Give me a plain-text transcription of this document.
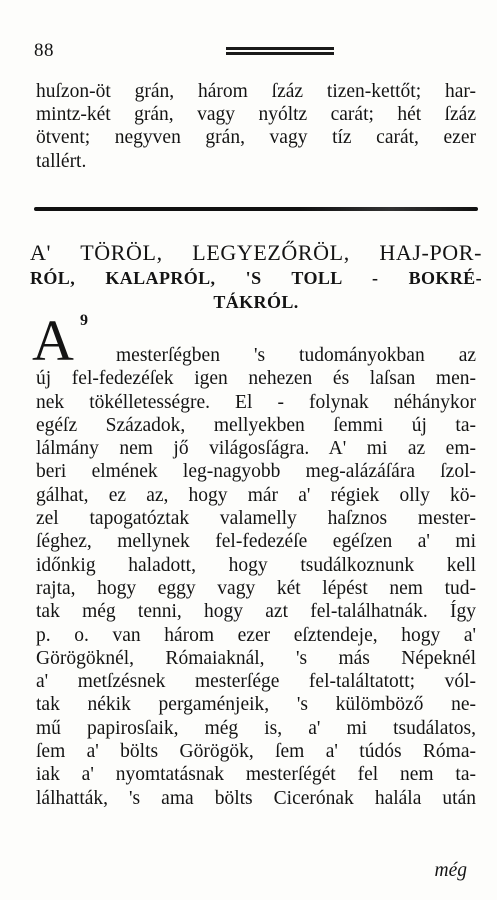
88
huſzon-öt grán, három ſzáz tizen-kettőt; har-
mintz-két grán, vagy nyóltz carát; hét ſzáz
ötvent; negyven grán, vagy tíz carát, ezer
tallért.
A' TÖRÖL, LEGYEZŐRÖL, HAJ-POR-
RÓL, KALAPRÓL, 'S TOLL - BOKRÉ-
TÁKRÓL.
A 9
mesterſégben 's tudományokban az
új fel-fedezéſek igen nehezen és laſsan men-
nek tökélletességre. El - folynak néhánykor
egéſz Századok, mellyekben ſemmi új ta-
lálmány nem jő világosſágra. A' mi az em-
beri elmének leg-nagyobb meg-alázáſára ſzol-
gálhat, ez az, hogy már a' régiek olly kö-
zel tapogatóztak valamelly haſznos mester-
ſéghez, mellynek fel-fedezéſe egéſzen a' mi
időnkig haladott, hogy tsudálkoznunk kell
rajta, hogy eggy vagy két lépést nem tud-
tak még tenni, hogy azt fel-találhatnák. Így
p. o. van három ezer eſztendeje, hogy a'
Görögöknél, Rómaiaknál, 's más Népeknél
a' metſzésnek mesterſége fel-találtatott; vól-
tak nékik pergaménjeik, 's külömböző ne-
mű papirosſaik, még is, a' mi tsudálatos,
ſem a' bölts Görögök, ſem a' túdós Róma-
iak a' nyomtatásnak mesterſégét fel nem ta-
lálhatták, 's ama bölts Cicerónak halála után
még
